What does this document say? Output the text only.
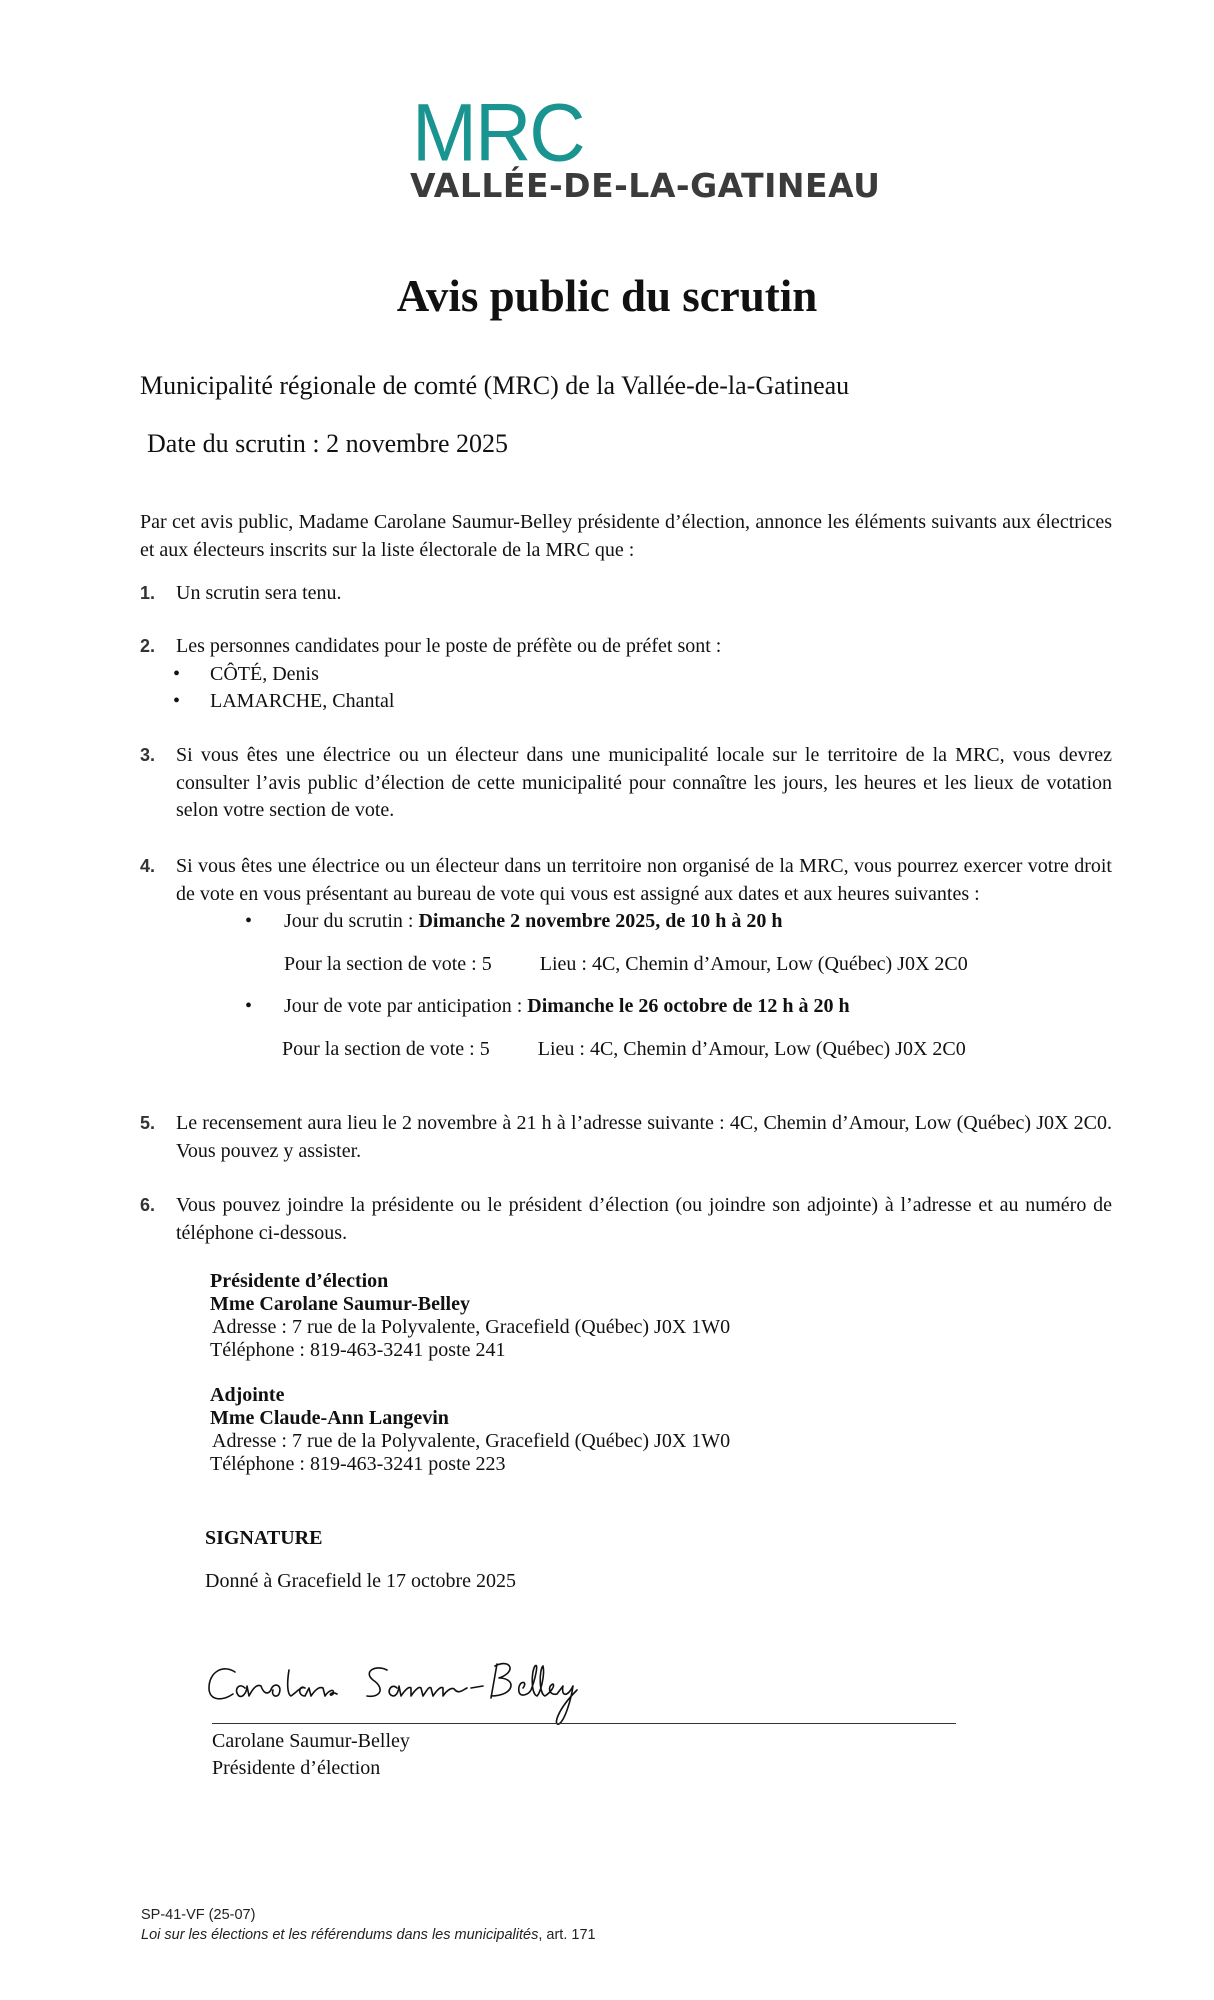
MRC
VALLÉE-DE-LA-GATINEAU
Avis public du scrutin
Municipalité régionale de comté (MRC) de la Vallée-de-la-Gatineau
Date du scrutin : 2 novembre 2025
Par cet avis public, Madame Carolane Saumur-Belley présidente d’élection, annonce les éléments suivants aux électrices et aux électeurs inscrits sur la liste électorale de la MRC que :
1. Un scrutin sera tenu.
2. Les personnes candidates pour le poste de préfète ou de préfet sont :
• CÔTÉ, Denis
• LAMARCHE, Chantal
3. Si vous êtes une électrice ou un électeur dans une municipalité locale sur le territoire de la MRC, vous devrez consulter l’avis public d’élection de cette municipalité pour connaître les jours, les heures et les lieux de votation selon votre section de vote.
4. Si vous êtes une électrice ou un électeur dans un territoire non organisé de la MRC, vous pourrez exercer votre droit de vote en vous présentant au bureau de vote qui vous est assigné aux dates et aux heures suivantes :
• Jour du scrutin : Dimanche 2 novembre 2025, de 10 h à 20 h
Pour la section de vote : 5 Lieu : 4C, Chemin d’Amour, Low (Québec) J0X 2C0
• Jour de vote par anticipation : Dimanche le 26 octobre de 12 h à 20 h
Pour la section de vote : 5 Lieu : 4C, Chemin d’Amour, Low (Québec) J0X 2C0
5. Le recensement aura lieu le 2 novembre à 21 h à l’adresse suivante : 4C, Chemin d’Amour, Low (Québec) J0X 2C0. Vous pouvez y assister.
6. Vous pouvez joindre la présidente ou le président d’élection (ou joindre son adjointe) à l’adresse et au numéro de téléphone ci-dessous.
Présidente d’élection
Mme Carolane Saumur-Belley
Adresse : 7 rue de la Polyvalente, Gracefield (Québec) J0X 1W0
Téléphone : 819-463-3241 poste 241
Adjointe
Mme Claude-Ann Langevin
Adresse : 7 rue de la Polyvalente, Gracefield (Québec) J0X 1W0
Téléphone : 819-463-3241 poste 223
SIGNATURE
Donné à Gracefield le 17 octobre 2025
Carolane Saumur-Belley
Présidente d’élection
SP-41-VF (25-07)
Loi sur les élections et les référendums dans les municipalités, art. 171
